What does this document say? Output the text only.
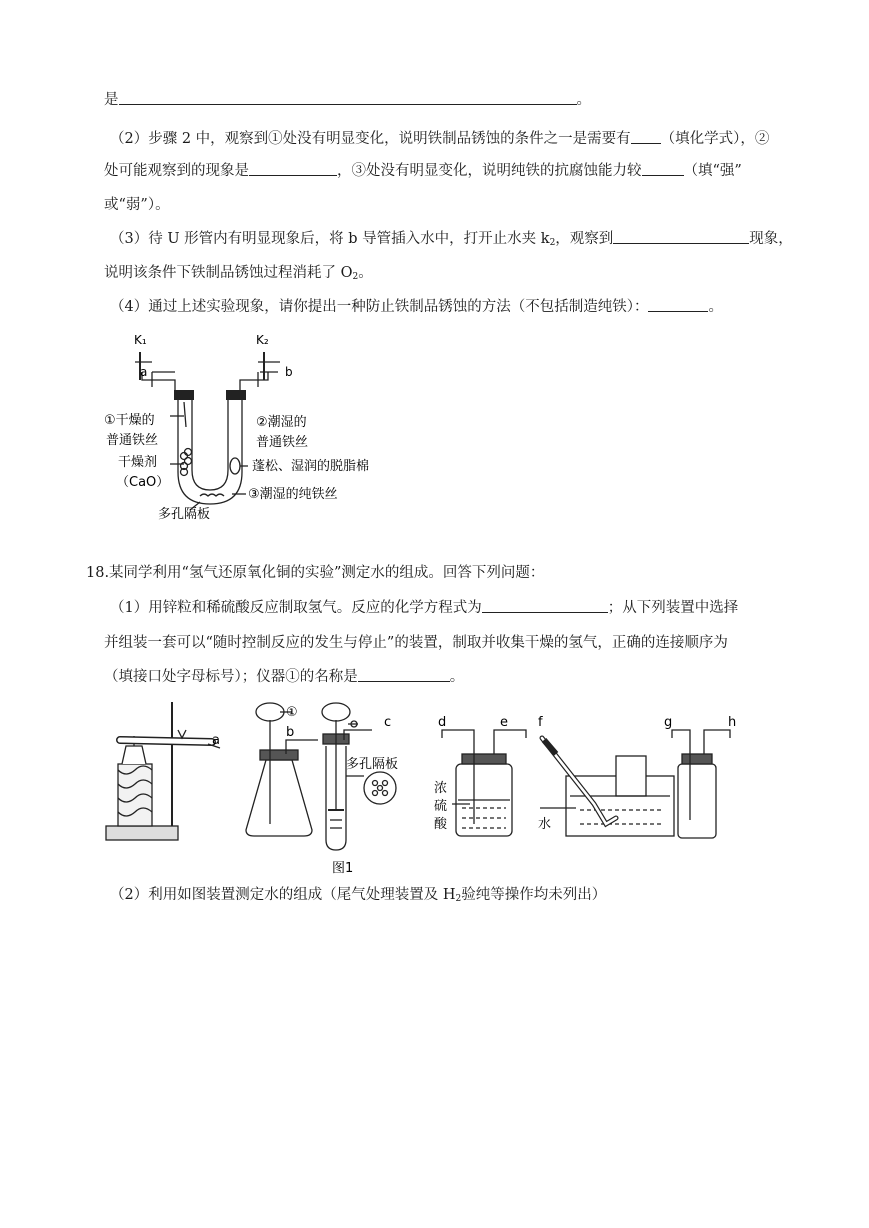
是	。
（2）步骤 2 中，观察到①处没有明显变化，说明铁制品锈蚀的条件之一是需要有 （填化学式），②
处可能观察到的现象是	，③处没有明显变化，说明纯铁的抗腐蚀能力较	（填“强”
或“弱”）。
（3）待 U 形管内有明显现象后，将 b 导管插入水中，打开止水夹 $k_2$，观察到	现象，
说明该条件下铁制品锈蚀过程消耗了 $O_2$。
（4）通过上述实验现象，请你提出一种防止铁制品锈蚀的方法（不包括制造纯铁）：	。
K₁	K₂
a	b
①干燥的
普通铁丝
干燥剂
（CaO）
②潮湿的
普通铁丝
蓬松、湿润的脱脂棉
③潮湿的纯铁丝
多孔隔板
18.某同学利用“氢气还原氧化铜的实验”测定水的组成。回答下列问题：
（1）用锌粒和稀硫酸反应制取氢气。反应的化学方程式为	；从下列装置中选择
并组装一套可以“随时控制反应的发生与停止”的装置，制取并收集干燥的氢气，正确的连接顺序为
（填接口处字母标号）；仪器①的名称是	。
a
b
①
c
多孔隔板
d	e
浓
硫
酸
f
水
g	h
图1
（2）利用如图装置测定水的组成（尾气处理装置及 $H_2$验纯等操作均未列出）
